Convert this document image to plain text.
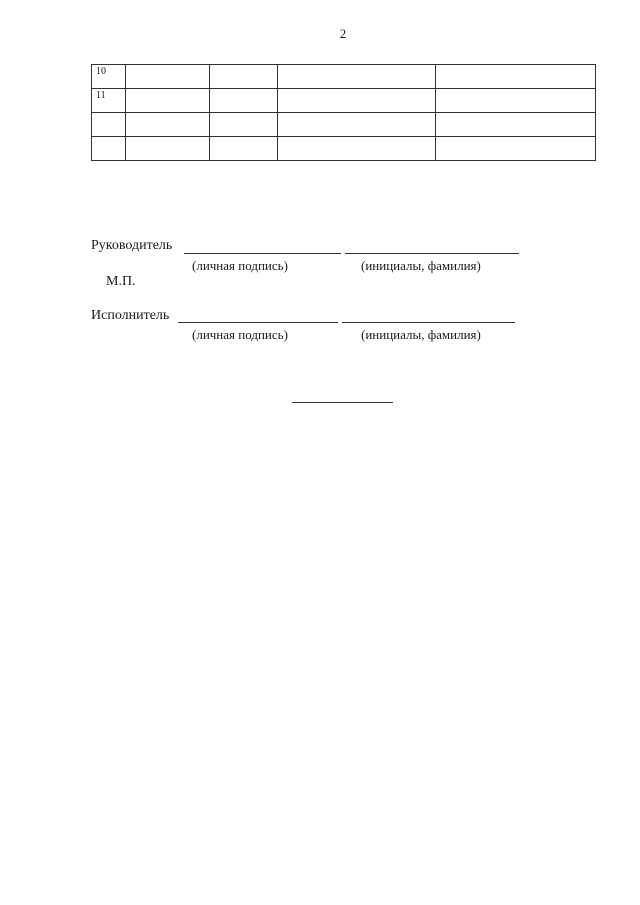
2
10				
11				

Руководитель
(личная подпись)	(инициалы, фамилия)
М.П.
Исполнитель
(личная подпись)	(инициалы, фамилия)
